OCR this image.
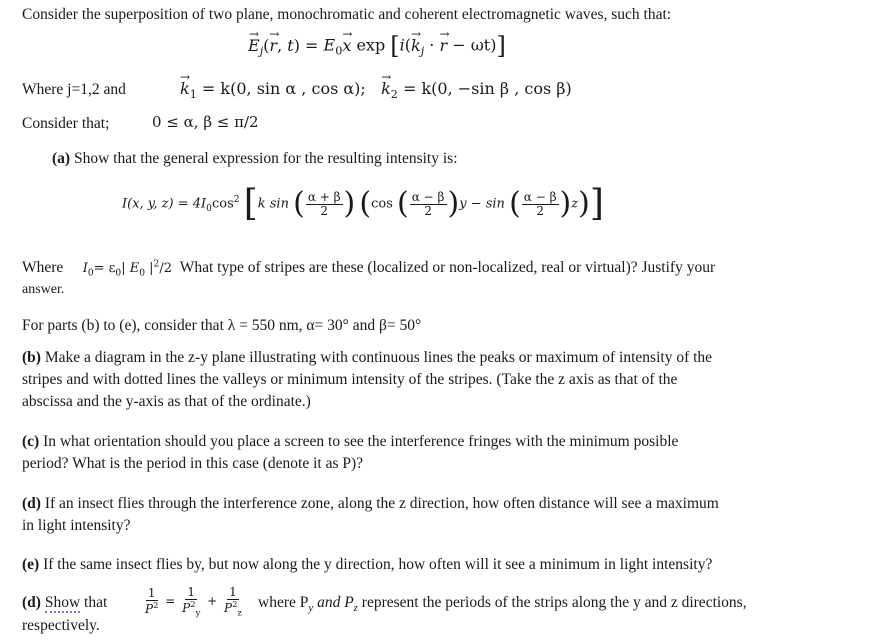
Consider the superposition of two plane, monochromatic and coherent electromagnetic waves, such that:
→ $E_j(\to r$, $t) = E_0\to x$ $\exp [i(\to k_j$ · → r − ωt)]
Where j=1,2 and	→ $k_1 = k(0$, sin α , cos α); → $k_2 = k(0$, −sin β , cos β)
Consider that;	0 ≤ α, β ≤ π/2
(a) Show that the general expression for the resulting intensity is:
I(x, y, $z) = 4I_0\cos^2$ [k sin ( $\frac{\alpha + \beta}{2}$ ) (cos ( $\frac{\alpha - \beta}{2} )y - \sin$ ( $\frac{\alpha - \beta}{2} )z$)]
Where $I_0= \varepsilon_0|$ $E_0$ $|^2/2$ What type of stripes are these (localized or non-localized, real or virtual)? Justify your
answer.
For parts (b) to (e), consider that λ = 550 nm, α= 30° and β= 50°
(b) Make a diagram in the z-y plane illustrating with continuous lines the peaks or maximum of intensity of the
stripes and with dotted lines the valleys or minimum intensity of the stripes. (Take the z axis as that of the
abscissa and the y-axis as that of the ordinate.)
(c) In what orientation should you place a screen to see the interference fringes with the minimum posible
period? What is the period in this case (denote it as P)?
(d) If an insect flies through the interference zone, along the z direction, how often distance will see a maximum
in light intensity?
(e) If the same insect flies by, but now along the y direction, how often will it see a minimum in light intensity?
(d) Show that	$\frac{1}{P^2} = \frac{1}{P^2_y} + \frac{1}{P^2_z}$ where $P_y$ and $P_z$ represent the periods of the strips along the y and z directions,
respectively.
